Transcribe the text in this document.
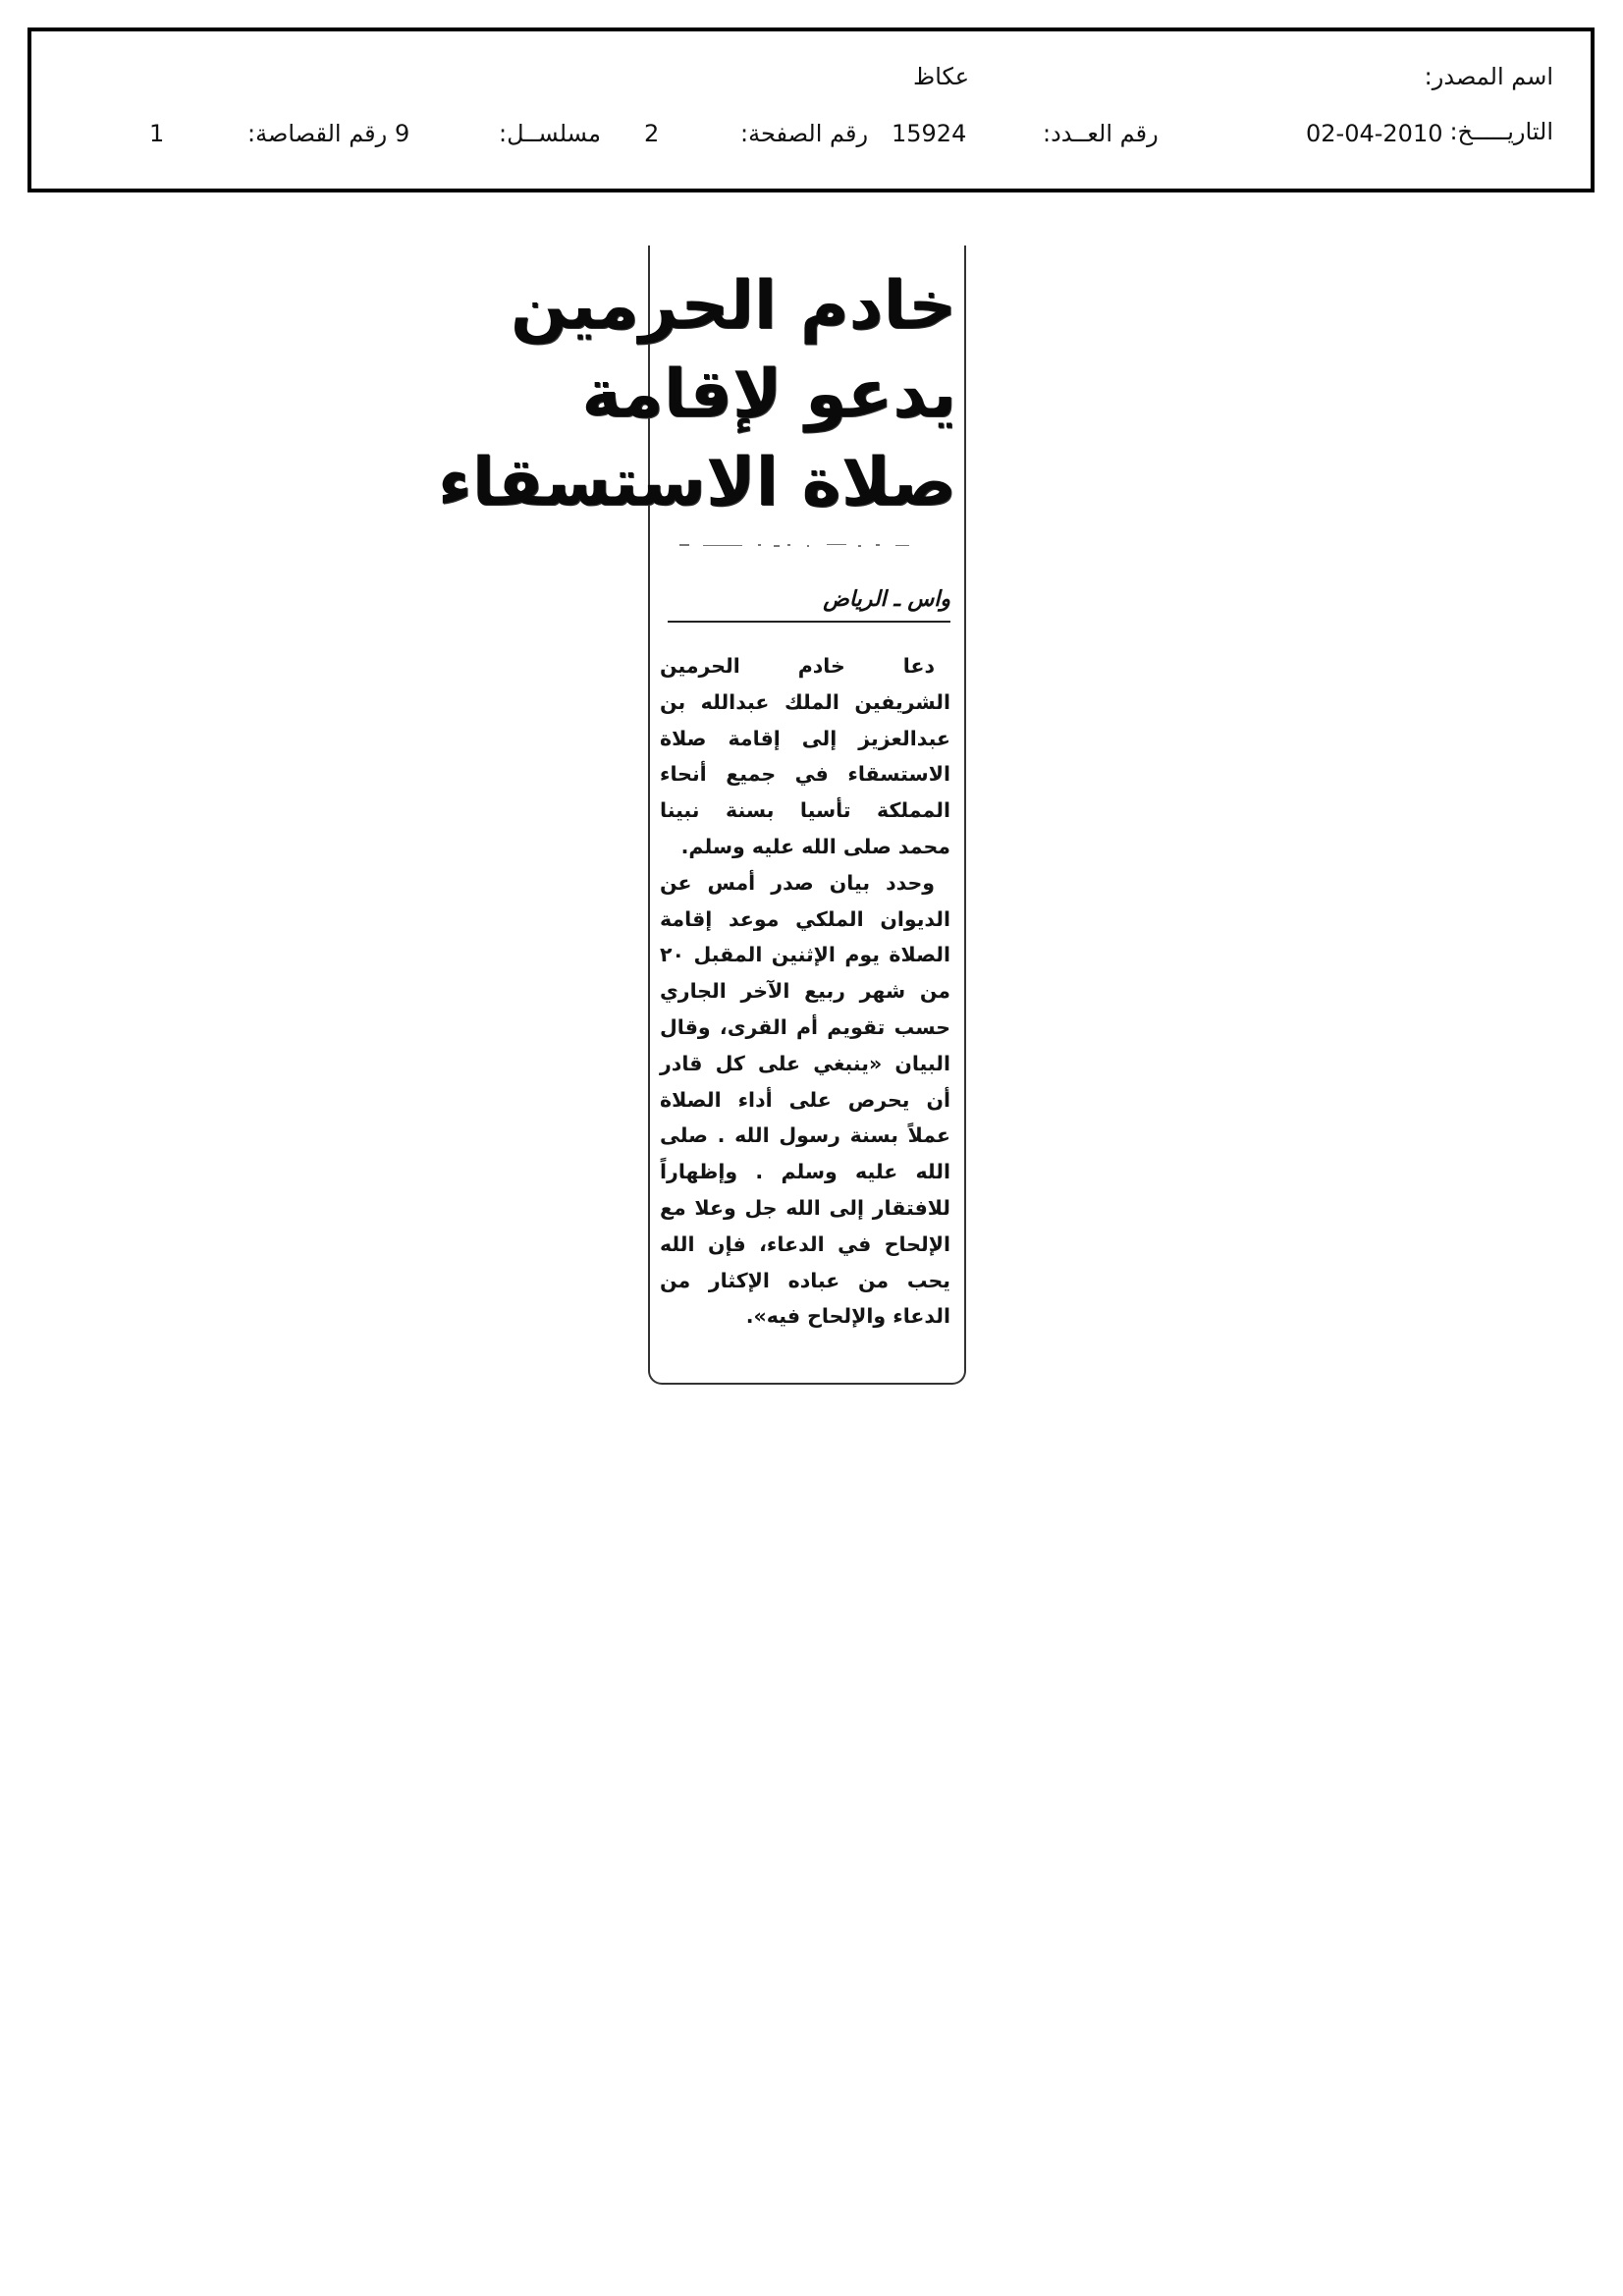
اسم المصدر:
عكاظ
التاريـــــخ:
02-04-2010
رقم العــدد:
15924
رقم الصفحة:
2
مسلســل:
9
رقم القصاصة:
1
خادم الحرمين
يدعو لإقامة
صلاة الاستسقاء
واس ـ الرياض

دعا خادم الحرمين الشريفين الملك عبدالله بن عبدالعزيز إلى إقامة صلاة الاستسقاء في جميع أنحاء المملكة تأسيا بسنة نبينا محمد صلى الله عليه وسلم.

وحدد بيان صدر أمس عن الديوان الملكي موعد إقامة الصلاة يوم الإثنين المقبل ٢٠ من شهر ربيع الآخر الجاري حسب تقويم أم القرى، وقال البيان «ينبغي على كل قادر أن يحرص على أداء الصلاة عملاً بسنة رسول الله . صلى الله عليه وسلم . وإظهاراً للافتقار إلى الله جل وعلا مع الإلحاح في الدعاء، فإن الله يحب من عباده الإكثار من الدعاء والإلحاح فيه».
